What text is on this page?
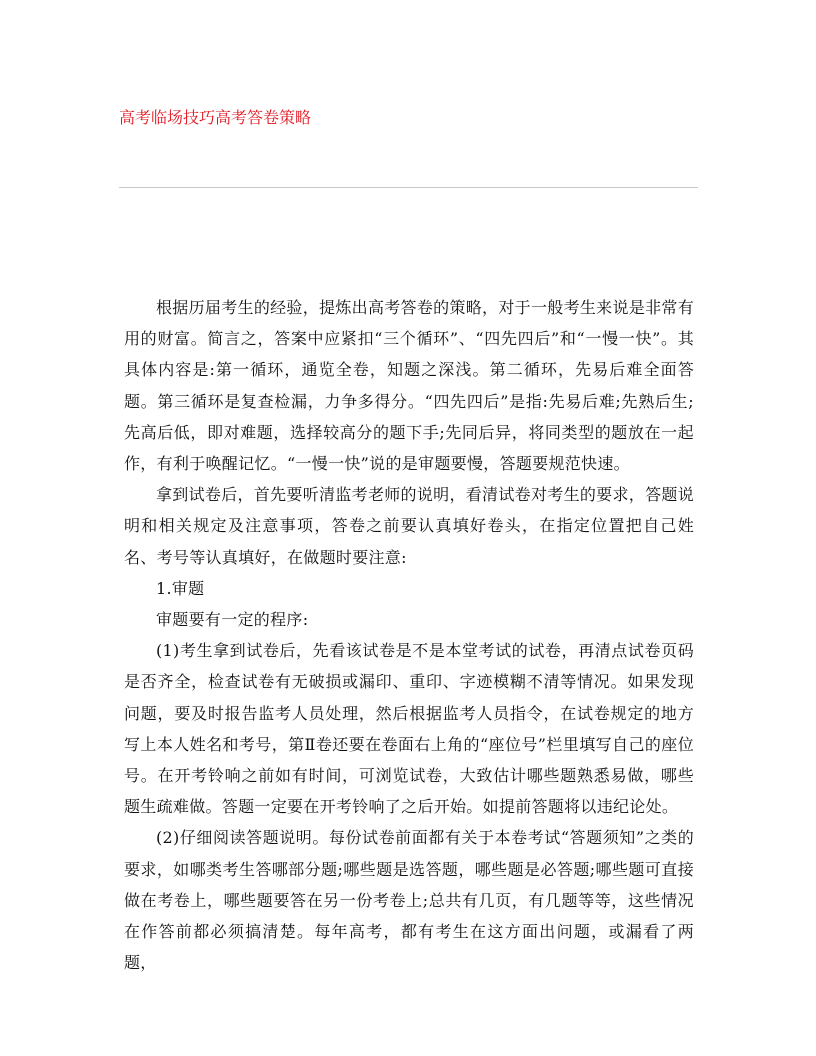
高考临场技巧高考答卷策略

根据历届考生的经验，提炼出高考答卷的策略，对于一般考生来说是非常有用的财富。简言之，答案中应紧扣“三个循环”、“四先四后”和“一慢一快”。其具体内容是:第一循环，通览全卷，知题之深浅。第二循环，先易后难全面答题。第三循环是复查检漏，力争多得分。“四先四后”是指:先易后难;先熟后生;先高后低，即对难题，选择较高分的题下手;先同后异，将同类型的题放在一起作，有利于唤醒记忆。“一慢一快”说的是审题要慢，答题要规范快速。

拿到试卷后，首先要听清监考老师的说明，看清试卷对考生的要求，答题说明和相关规定及注意事项，答卷之前要认真填好卷头，在指定位置把自己姓名、考号等认真填好，在做题时要注意:

1.审题

审题要有一定的程序:

(1)考生拿到试卷后，先看该试卷是不是本堂考试的试卷，再清点试卷页码是否齐全，检查试卷有无破损或漏印、重印、字迹模糊不清等情况。如果发现问题，要及时报告监考人员处理，然后根据监考人员指令，在试卷规定的地方写上本人姓名和考号，第Ⅱ卷还要在卷面右上角的“座位号”栏里填写自己的座位号。在开考铃响之前如有时间，可浏览试卷，大致估计哪些题熟悉易做，哪些题生疏难做。答题一定要在开考铃响了之后开始。如提前答题将以违纪论处。

(2)仔细阅读答题说明。每份试卷前面都有关于本卷考试“答题须知”之类的要求，如哪类考生答哪部分题;哪些题是选答题，哪些题是必答题;哪些题可直接做在考卷上，哪些题要答在另一份考卷上;总共有几页，有几题等等，这些情况在作答前都必须搞清楚。每年高考，都有考生在这方面出问题，或漏看了两题，
